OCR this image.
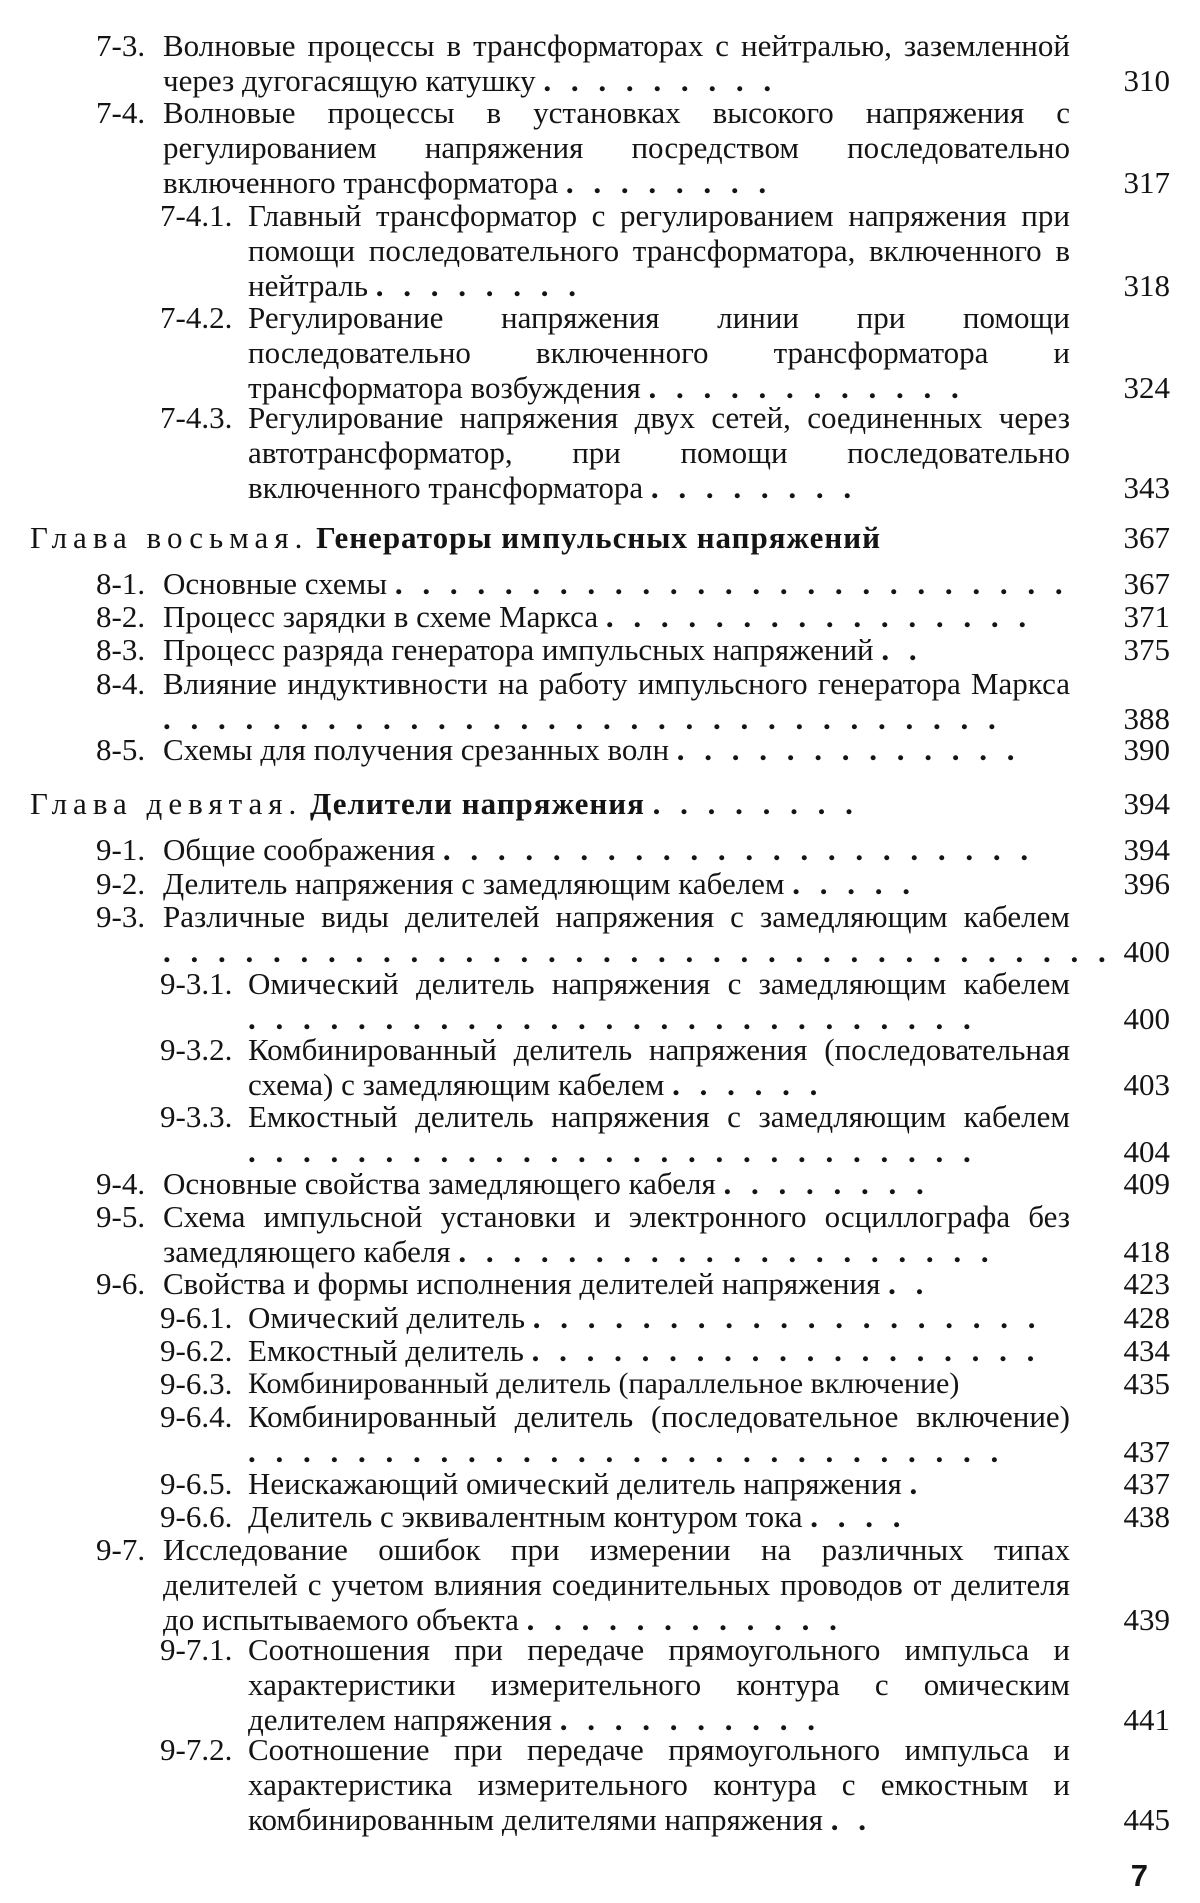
7-3. Волновые процессы в трансформаторах с нейтралью, заземленной через дугогасящую катушку . . . . . . . . .	310
7-4. Волновые процессы в установках высокого напряжения с регулированием напряжения посредством последовательно включенного трансформатора . . . . . . . .	317
7-4.1. Главный трансформатор с регулированием напряжения при помощи последовательного трансформатора, включенного в нейтраль . . . . . . . .	318
7-4.2. Регулирование напряжения линии при помощи последовательно включенного трансформатора и трансформатора возбуждения . . . . . . . . . . . .	324
7-4.3. Регулирование напряжения двух сетей, соединенных через автотрансформатор, при помощи последовательно включенного трансформатора . . . . . . . .	343
Глава восьмая. Генераторы импульсных напряжений	367
8-1. Основные схемы . . . . . . . . . . . . . . . . . . . . . . . . .	367
8-2. Процесс зарядки в схеме Маркса . . . . . . . . . . . . . . . .	371
8-3. Процесс разряда генератора импульсных напряжений . .	375
8-4. Влияние индуктивности на работу импульсного генератора Маркса . . . . . . . . . . . . . . . . . . . . . . . . . . . . . . .	388
8-5. Схемы для получения срезанных волн . . . . . . . . . . . . .	390
Глава девятая. Делители напряжения . . . . . . . .	394
9-1. Общие соображения . . . . . . . . . . . . . . . . . . . . . .	394
9-2. Делитель напряжения с замедляющим кабелем . . . . .	396
9-3. Различные виды делителей напряжения с замедляющим кабелем . . . . . . . . . . . . . . . . . . . . . . . . . . . . . . . . . . . 400
9-3.1. Омический делитель напряжения с замедляющим кабелем . . . . . . . . . . . . . . . . . . . . . . . . . . .	400
9-3.2. Комбинированный делитель напряжения (последовательная схема) с замедляющим кабелем . . . . . .	403
9-3.3. Емкостный делитель напряжения с замедляющим кабелем . . . . . . . . . . . . . . . . . . . . . . . . . . .	404
9-4. Основные свойства замедляющего кабеля . . . . . . . .	409
9-5. Схема импульсной установки и электронного осциллографа без замедляющего кабеля . . . . . . . . . . . . . . . . . . . .	418
9-6. Свойства и формы исполнения делителей напряжения . .	423
9-6.1. Омический делитель . . . . . . . . . . . . . . . . . . .	428
9-6.2. Емкостный делитель . . . . . . . . . . . . . . . . . . .	434
9-6.3. Комбинированный делитель (параллельное включение)	435
9-6.4. Комбинированный делитель (последовательное включение) . . . . . . . . . . . . . . . . . . . . . . . . . . . .	437
9-6.5. Неискажающий омический делитель напряжения .	437
9-6.6. Делитель с эквивалентным контуром тока . . . .	438
9-7. Исследование ошибок при измерении на различных типах делителей с учетом влияния соединительных проводов от делителя до испытываемого объекта . . . . . . . . . . . .	439
9-7.1. Соотношения при передаче прямоугольного импульса и характеристики измерительного контура с омическим делителем напряжения . . . . . . . . . .	441
9-7.2. Соотношение при передаче прямоугольного импульса и характеристика измерительного контура с емкостным и комбинированным делителями напряжения . .	445
7
